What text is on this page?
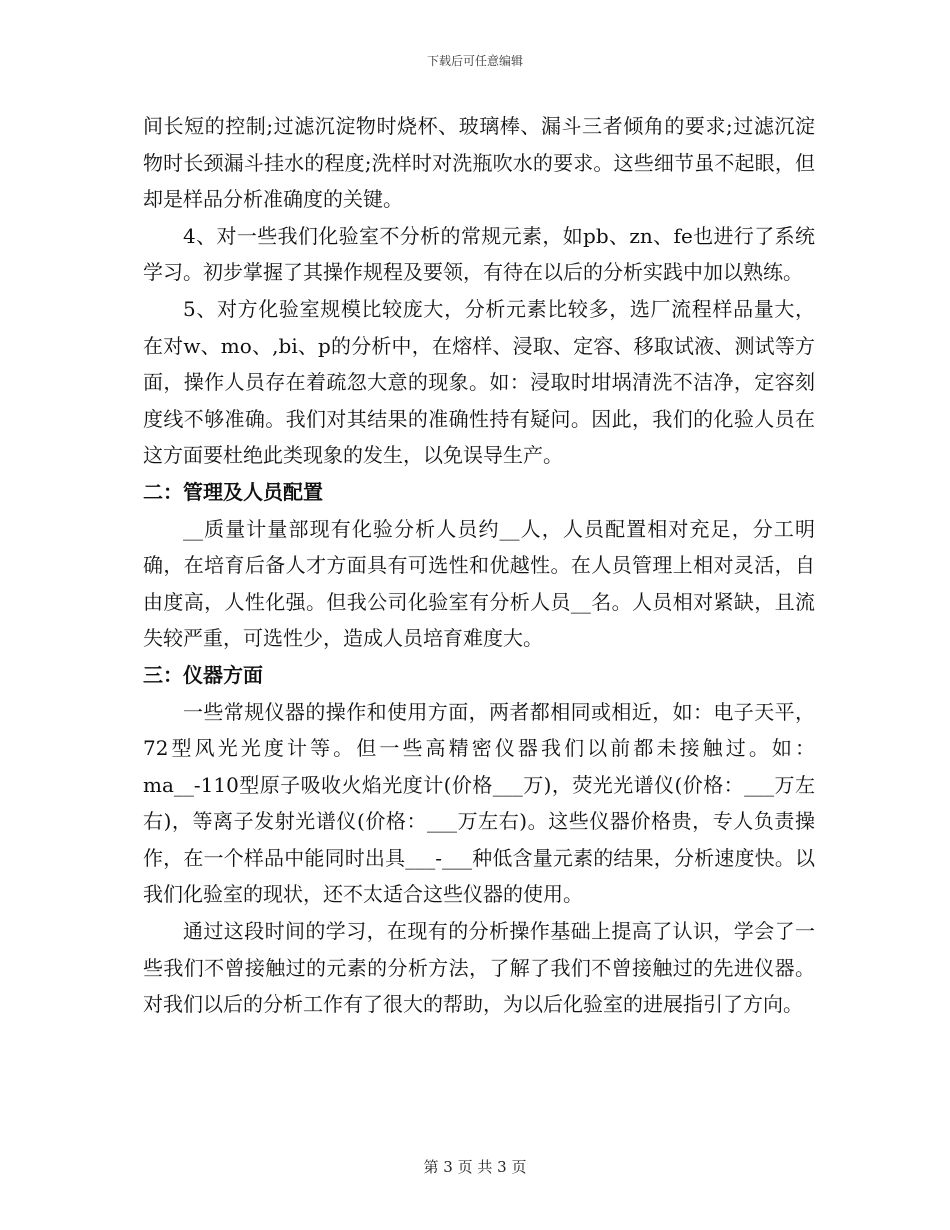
下载后可任意编辑

间长短的控制;过滤沉淀物时烧杯、玻璃棒、漏斗三者倾角的要求;过滤沉淀物时长颈漏斗挂水的程度;洗样时对洗瓶吹水的要求。这些细节虽不起眼，但却是样品分析准确度的关键。

4、对一些我们化验室不分析的常规元素，如pb、zn、fe也进行了系统学习。初步掌握了其操作规程及要领，有待在以后的分析实践中加以熟练。

5、对方化验室规模比较庞大，分析元素比较多，选厂流程样品量大，在对w、mo、,bi、p的分析中，在熔样、浸取、定容、移取试液、测试等方面，操作人员存在着疏忽大意的现象。如：浸取时坩埚清洗不洁净，定容刻度线不够准确。我们对其结果的准确性持有疑问。因此，我们的化验人员在这方面要杜绝此类现象的发生，以免误导生产。

二：管理及人员配置

__质量计量部现有化验分析人员约__人，人员配置相对充足，分工明确，在培育后备人才方面具有可选性和优越性。在人员管理上相对灵活，自由度高，人性化强。但我公司化验室有分析人员__名。人员相对紧缺，且流失较严重，可选性少，造成人员培育难度大。

三：仪器方面

一些常规仪器的操作和使用方面，两者都相同或相近，如：电子天平，72型风光光度计等。但一些高精密仪器我们以前都未接触过。如：ma__-110型原子吸收火焰光度计(价格___万)，荧光光谱仪(价格：___万左右)，等离子发射光谱仪(价格：___万左右)。这些仪器价格贵，专人负责操作，在一个样品中能同时出具___-___种低含量元素的结果，分析速度快。以我们化验室的现状，还不太适合这些仪器的使用。

通过这段时间的学习，在现有的分析操作基础上提高了认识，学会了一些我们不曾接触过的元素的分析方法，了解了我们不曾接触过的先进仪器。对我们以后的分析工作有了很大的帮助，为以后化验室的进展指引了方向。

第 3 页 共 3 页
